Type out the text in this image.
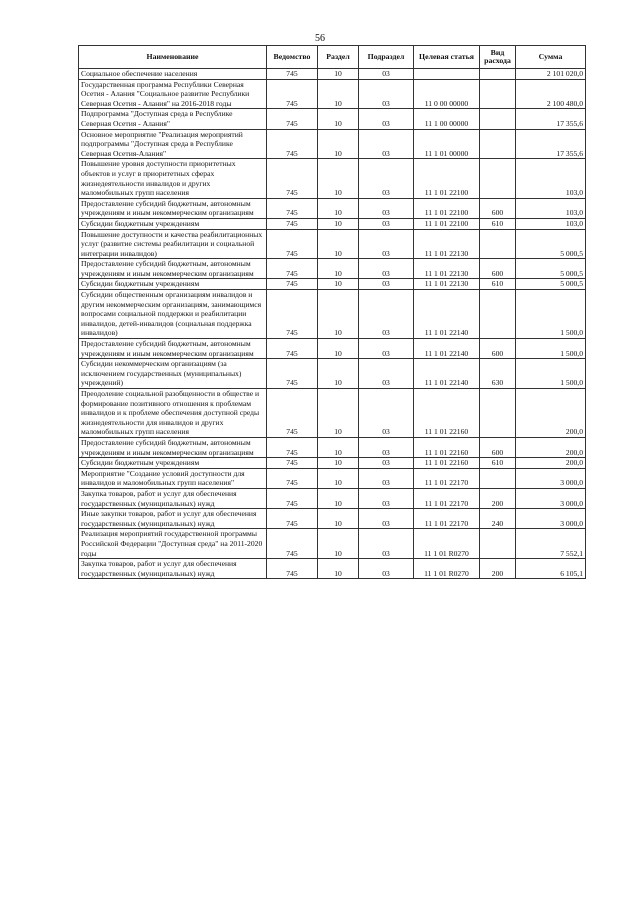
56
Наименование	Ведомство	Раздел	Подраздел	Целевая статья	Вид расхода	Сумма
Социальное обеспечение населения	745	10	03			2 101 020,0
Государственная программа Республики Северная Осетия - Алания "Социальное развитие Республики Северная Осетия - Алания" на 2016-2018 годы	745	10	03	11 0 00 00000		2 100 480,0
Подпрограмма "Доступная среда в Республике Северная Осетия - Алания"	745	10	03	11 1 00 00000		17 355,6
Основное мероприятие "Реализация мероприятий подпрограммы "Доступная среда в Республике Северная Осетия-Алания"	745	10	03	11 1 01 00000		17 355,6
Повышение уровня доступности приоритетных объектов и услуг в приоритетных сферах жизнедеятельности инвалидов и других маломобильных групп населения	745	10	03	11 1 01 22100		103,0
Предоставление субсидий бюджетным, автономным учреждениям и иным некоммерческим организациям	745	10	03	11 1 01 22100	600	103,0
Субсидии бюджетным учреждениям	745	10	03	11 1 01 22100	610	103,0
Повышение доступности и качества реабилитационных услуг (развитие системы реабилитации и социальной интеграции инвалидов)	745	10	03	11 1 01 22130		5 000,5
Предоставление субсидий бюджетным, автономным учреждениям и иным некоммерческим организациям	745	10	03	11 1 01 22130	600	5 000,5
Субсидии бюджетным учреждениям	745	10	03	11 1 01 22130	610	5 000,5
Субсидии общественным организациям инвалидов и другим некоммерческим организациям, занимающимся вопросами социальной поддержки и реабилитации инвалидов, детей-инвалидов (социальная поддержка инвалидов)	745	10	03	11 1 01 22140		1 500,0
Предоставление субсидий бюджетным, автономным учреждениям и иным некоммерческим организациям	745	10	03	11 1 01 22140	600	1 500,0
Субсидии некоммерческим организациям (за исключением государственных (муниципальных) учреждений)	745	10	03	11 1 01 22140	630	1 500,0
Преодоление социальной разобщенности в обществе и формирование позитивного отношения к проблемам инвалидов и к проблеме обеспечения доступной среды жизнедеятельности для инвалидов и других маломобильных групп населения	745	10	03	11 1 01 22160		200,0
Предоставление субсидий бюджетным, автономным учреждениям и иным некоммерческим организациям	745	10	03	11 1 01 22160	600	200,0
Субсидии бюджетным учреждениям	745	10	03	11 1 01 22160	610	200,0
Мероприятие "Создание условий доступности для инвалидов и маломобильных групп населения"	745	10	03	11 1 01 22170		3 000,0
Закупка товаров, работ и услуг для обеспечения государственных (муниципальных) нужд	745	10	03	11 1 01 22170	200	3 000,0
Иные закупки товаров, работ и услуг для обеспечения государственных (муниципальных) нужд	745	10	03	11 1 01 22170	240	3 000,0
Реализация мероприятий государственной программы Российской Федерации "Доступная среда" на 2011-2020 годы	745	10	03	11 1 01 R0270		7 552,1
Закупка товаров, работ и услуг для обеспечения государственных (муниципальных) нужд	745	10	03	11 1 01 R0270	200	6 105,1
